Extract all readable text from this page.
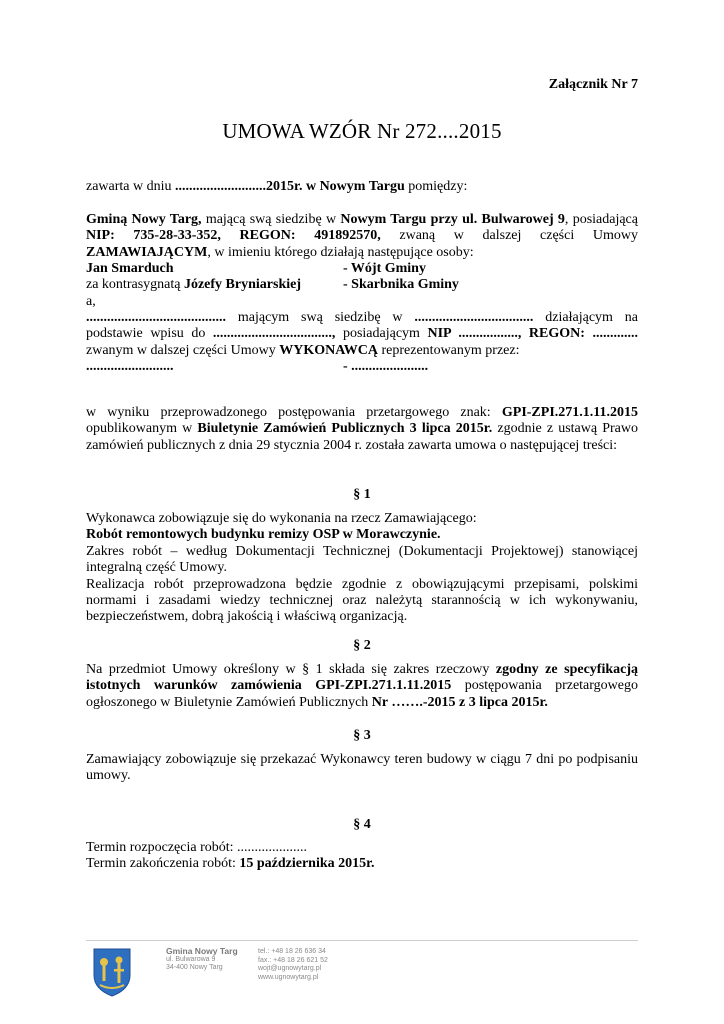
Załącznik Nr 7
UMOWA WZÓR Nr 272....2015
zawarta w dniu ..........................2015r. w Nowym Targu pomiędzy:
Gminą Nowy Targ, mającą swą siedzibę w Nowym Targu przy ul. Bulwarowej 9, posiadającą NIP: 735-28-33-352, REGON: 491892570, zwaną w dalszej części Umowy ZAMAWIAJĄCYM, w imieniu którego działają następujące osoby:
Jan Smarduch	- Wójt Gminy
za kontrasygnatą Józefy Bryniarskiej	- Skarbnika Gminy
a,
........................................ mającym swą siedzibę w .................................. działającym na podstawie wpisu do .................................., posiadającym NIP ................., REGON: ............. zwanym w dalszej części Umowy WYKONAWCĄ reprezentowanym przez:
.........................	- ......................
w wyniku przeprowadzonego postępowania przetargowego znak: GPI-ZPI.271.1.11.2015 opublikowanym w Biuletynie Zamówień Publicznych 3 lipca 2015r. zgodnie z ustawą Prawo zamówień publicznych z dnia 29 stycznia 2004 r. została zawarta umowa o następującej treści:
§ 1
Wykonawca zobowiązuje się do wykonania na rzecz Zamawiającego:
Robót remontowych budynku remizy OSP w Morawczynie.
Zakres robót – według Dokumentacji Technicznej (Dokumentacji Projektowej) stanowiącej integralną część Umowy.
Realizacja robót przeprowadzona będzie zgodnie z obowiązującymi przepisami, polskimi normami i zasadami wiedzy technicznej oraz należytą starannością w ich wykonywaniu, bezpieczeństwem, dobrą jakością i właściwą organizacją.
§ 2
Na przedmiot Umowy określony w § 1 składa się zakres rzeczowy zgodny ze specyfikacją istotnych warunków zamówienia GPI-ZPI.271.1.11.2015 postępowania przetargowego ogłoszonego w Biuletynie Zamówień Publicznych Nr …….-2015 z 3 lipca 2015r.
§ 3
Zamawiający zobowiązuje się przekazać Wykonawcy teren budowy w ciągu 7 dni po podpisaniu umowy.
§ 4
Termin rozpoczęcia robót: ....................
Termin zakończenia robót: 15 października 2015r.
Gmina Nowy Targ
ul. Bulwarowa 9
34-400 Nowy Targ
tel.: +48 18 26 636 34
fax.: +48 18 26 621 52
wojt@ugnowytarg.pl
www.ugnowytarg.pl
